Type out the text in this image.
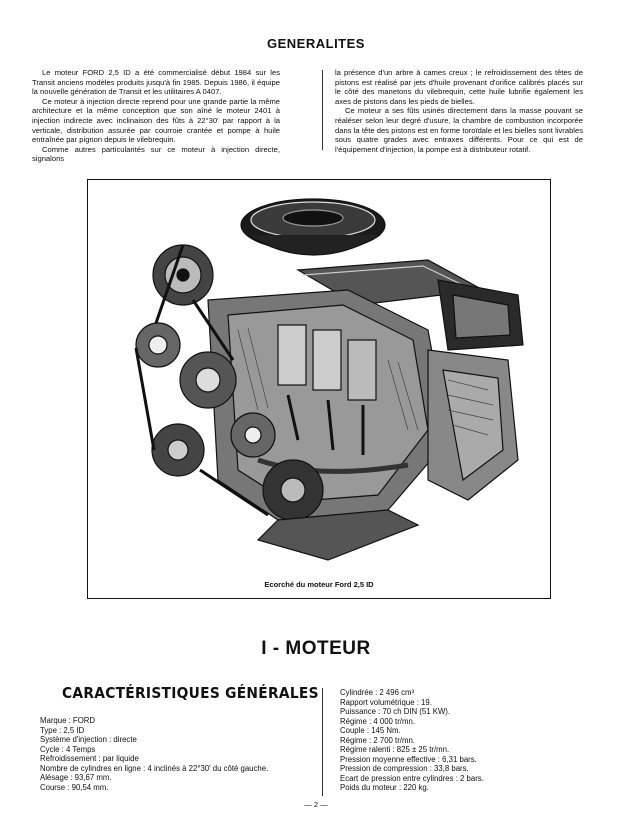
GENERALITES

Le moteur FORD 2,5 ID a été commercialisé début 1984 sur les Transit anciens modèles produits jusqu'à fin 1985. Depuis 1986, il équipe la nouvelle génération de Transit et les utilitaires A 0407.

Ce moteur à injection directe reprend pour une grande partie la même architecture et la même conception que son aîné le moteur 2401 à injection indirecte avec inclinaison des fûts à 22°30' par rapport à la verticale, distribution assurée par courroie crantée et pompe à huile entraînée par pignon depuis le vilebrequin.

Comme autres particularités sur ce moteur à injection directe, signalons

la présence d'un arbre à cames creux ; le refroidissement des têtes de pistons est réalisé par jets d'huile provenant d'orifice calibrés placés sur le côté des manetons du vilebrequin, cette huile lubrifie également les axes de pistons dans les pieds de bielles.

Ce moteur a ses fûts usinés directement dans la masse pouvant se réaléser selon leur degré d'usure, la chambre de combustion incorporée dans la tête des pistons est en forme toroïdale et les bielles sont livrables sous quatre grades avec entraxes différents. Pour ce qui est de l'équipement d'injection, la pompe est à distributeur rotatif.

Ecorché du moteur Ford 2,5 ID
I - MOTEUR
CARACTÉRISTIQUES GÉNÉRALES
Marque : FORD
Type : 2,5 ID
Système d'injection : directe
Cycle : 4 Temps
Refroidissement : par liquide
Nombre de cylindres en ligne : 4 inclinés à 22°30' du côté gauche.
Alésage : 93,67 mm.
Course : 90,54 mm.
Cylindrée : 2 496 cm³
Rapport volumétrique : 19.
Puissance : 70 ch DIN (51 KW).
Régime : 4 000 tr/mn.
Couple : 145 Nm.
Régime : 2 700 tr/mn.
Régime ralenti : 825 ± 25 tr/mn.
Pression moyenne effective : 6,31 bars.
Pression de compression : 33,8 bars.
Ecart de pression entre cylindres : 2 bars.
Poids du moteur : 220 kg.
— 2 —
